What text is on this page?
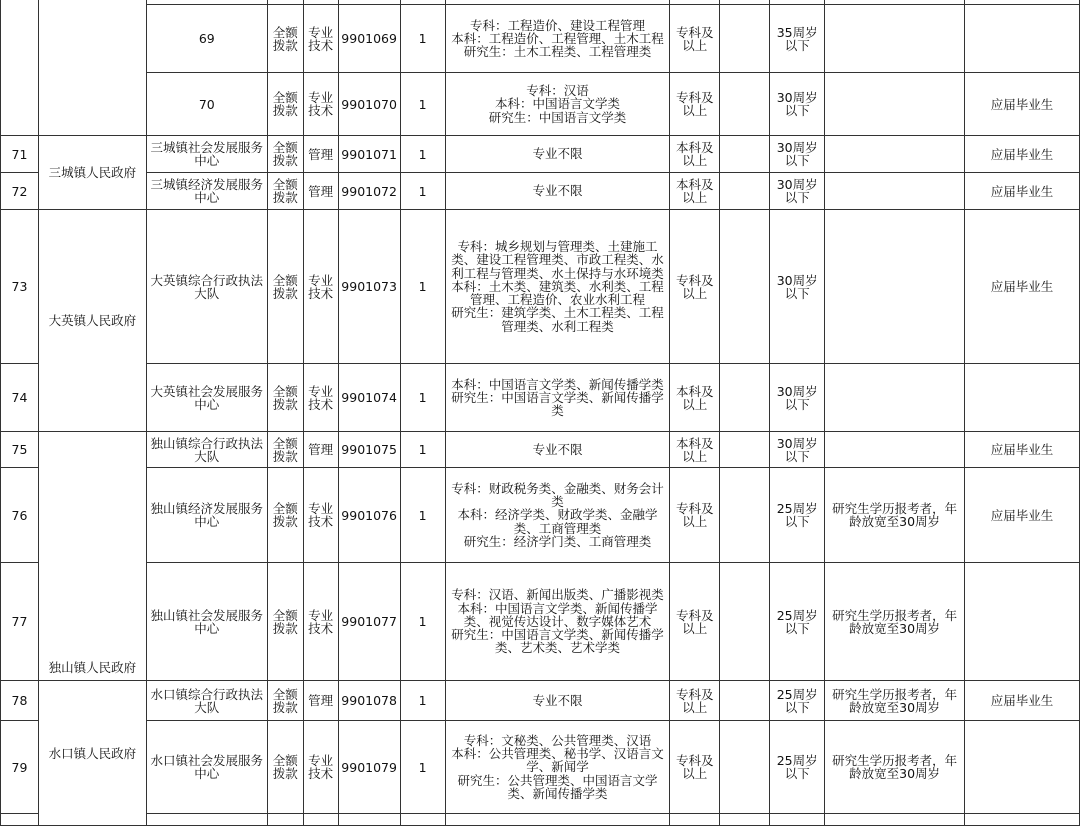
		69	全额拨款	专业技术	9901069	1	专科：工程造价、建设工程管理
本科：工程造价、工程管理、土木工程
研究生：土木工程类、工程管理类	专科及以上		35周岁以下		
		70	全额拨款	专业技术	9901070	1	专科：汉语
本科：中国语言文学类
研究生：中国语言文学类	专科及以上		30周岁以下		应届毕业生
71	三城镇人民政府	三城镇社会发展服务中心	全额拨款	管理	9901071	1	专业不限	本科及以上		30周岁以下		应届毕业生
72		三城镇经济发展服务中心	全额拨款	管理	9901072	1	专业不限	本科及以上		30周岁以下		应届毕业生
73	大英镇人民政府	大英镇综合行政执法大队	全额拨款	专业技术	9901073	1	专科：城乡规划与管理类、土建施工类、建设工程管理类、市政工程类、水利工程与管理类、水土保持与水环境类
本科：土木类、建筑类、水利类、工程管理、工程造价、农业水利工程
研究生：建筑学类、土木工程类、工程管理类、水利工程类	专科及以上		30周岁以下		应届毕业生
74		大英镇社会发展服务中心	全额拨款	专业技术	9901074	1	本科：中国语言文学类、新闻传播学类
研究生：中国语言文学类、新闻传播学类	本科及以上		30周岁以下		
75	独山镇人民政府	独山镇综合行政执法大队	全额拨款	管理	9901075	1	专业不限	本科及以上		30周岁以下		应届毕业生
76		独山镇经济发展服务中心	全额拨款	专业技术	9901076	1	专科：财政税务类、金融类、财务会计类
本科：经济学类、财政学类、金融学类、工商管理类
研究生：经济学门类、工商管理类	专科及以上		25周岁以下	研究生学历报考者，年龄放宽至30周岁	应届毕业生
77		独山镇社会发展服务中心	全额拨款	专业技术	9901077	1	专科：汉语、新闻出版类、广播影视类
本科：中国语言文学类、新闻传播学类、视觉传达设计、数字媒体艺术
研究生：中国语言文学类、新闻传播学类、艺术类、艺术学类	专科及以上		25周岁以下	研究生学历报考者，年龄放宽至30周岁	
78	水口镇人民政府	水口镇综合行政执法大队	全额拨款	管理	9901078	1	专业不限	专科及以上		25周岁以下	研究生学历报考者，年龄放宽至30周岁	应届毕业生
79		水口镇社会发展服务中心	全额拨款	专业技术	9901079	1	专科：文秘类、公共管理类、汉语
本科：公共管理类、秘书学、汉语言文学、新闻学
研究生：公共管理类、中国语言文学类、新闻传播学类	专科及以上		25周岁以下	研究生学历报考者，年龄放宽至30周岁	
